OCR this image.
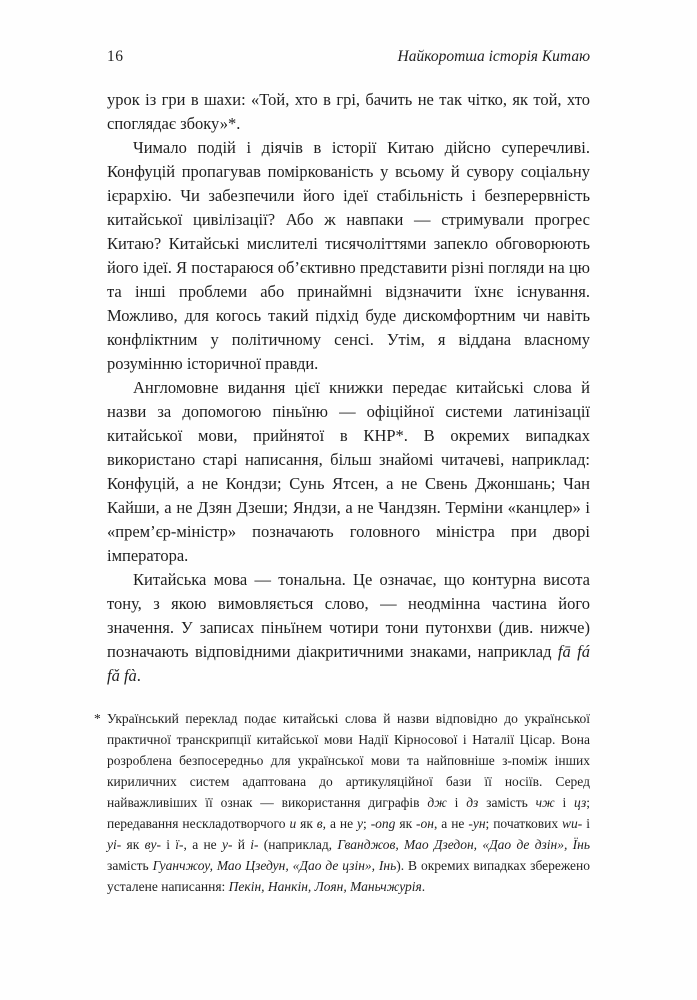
16	Найкоротша історія Китаю

урок із гри в шахи: «Той, хто в грі, бачить не так чітко, як той, хто споглядає збоку»*.

Чимало подій і діячів в історії Китаю дійсно суперечливі. Конфуцій пропагував поміркованість у всьому й сувору соціальну ієрархію. Чи забезпечили його ідеї стабільність і безперервність китайської цивілізації? Або ж навпаки — стримували прогрес Китаю? Китайські мислителі тисячоліттями запекло обговорюють його ідеї. Я постараюся об’єктивно представити різні погляди на цю та інші проблеми або принаймні відзначити їхнє існування. Можливо, для когось такий підхід буде дискомфортним чи навіть конфліктним у політичному сенсі. Утім, я віддана власному розумінню історичної правди.

Англомовне видання цієї книжки передає китайські слова й назви за допомогою піньїню — офіційної системи латинізації китайської мови, прийнятої в КНР*. В окремих випадках використано старі написання, більш знайомі читачеві, наприклад: Конфуцій, а не Кондзи; Сунь Ятсен, а не Свень Джоншань; Чан Кайши, а не Дзян Дзеши; Яндзи, а не Чандзян. Терміни «канцлер» і «прем’єр-міністр» позначають головного міністра при дворі імператора.

Китайська мова — тональна. Це означає, що контурна висота тону, з якою вимовляється слово, — неодмінна частина його значення. У записах піньїнем чотири тони путонхви (див. нижче) позначають відповідними діакритичними знаками, наприклад fā fá fǎ fà.

* Український переклад подає китайські слова й назви відповідно до української практичної транскрипції китайської мови Надії Кірносової і Наталії Цісар. Вона розроблена безпосередньо для української мови та найповніше з-поміж інших кириличних систем адаптована до артикуляційної бази її носіїв. Серед найважливіших її ознак — використання диграфів дж і дз замість чж і цз; передавання нескладотворчого и як в, а не у; -ong як -он, а не -ун; початкових wu- і yi- як ву- і ї-, а не у- й і- (наприклад, Гванджов, Мао Дзедон, «Дао де дзін», Їнь замість Гуанчжоу, Мао Цзедун, «Дао де цзін», Інь). В окремих випадках збережено усталене написання: Пекін, Нанкін, Лоян, Маньчжурія.
